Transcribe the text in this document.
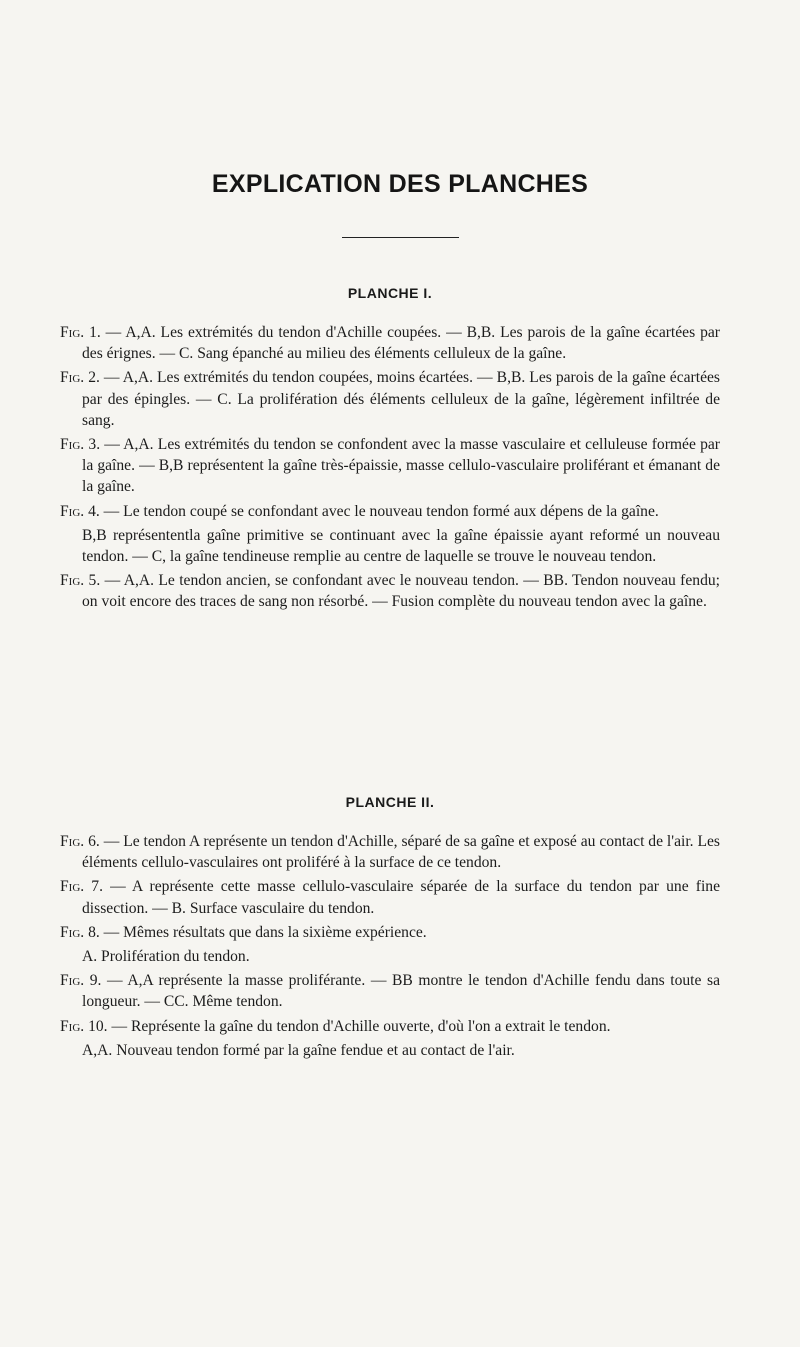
EXPLICATION DES PLANCHES
PLANCHE I.

Fig. 1. — A,A. Les extrémités du tendon d'Achille coupées. — B,B. Les parois de la gaîne écartées par des érignes. — C. Sang épanché au milieu des éléments celluleux de la gaîne.

Fig. 2. — A,A. Les extrémités du tendon coupées, moins écartées. — B,B. Les parois de la gaîne écartées par des épingles. — C. La prolifération dés éléments celluleux de la gaîne, légèrement infiltrée de sang.

Fig. 3. — A,A. Les extrémités du tendon se confondent avec la masse vasculaire et celluleuse formée par la gaîne. — B,B représentent la gaîne très-épaissie, masse cellulo-vasculaire proliférant et émanant de la gaîne.

Fig. 4. — Le tendon coupé se confondant avec le nouveau tendon formé aux dépens de la gaîne.

B,B représententla gaîne primitive se continuant avec la gaîne épaissie ayant reformé un nouveau tendon. — C, la gaîne tendineuse remplie au centre de laquelle se trouve le nouveau tendon.

Fig. 5. — A,A. Le tendon ancien, se confondant avec le nouveau tendon. — BB. Tendon nouveau fendu; on voit encore des traces de sang non résorbé. — Fusion complète du nouveau tendon avec la gaîne.

PLANCHE II.

Fig. 6. — Le tendon A représente un tendon d'Achille, séparé de sa gaîne et exposé au contact de l'air. Les éléments cellulo-vasculaires ont proliféré à la surface de ce tendon.

Fig. 7. — A représente cette masse cellulo-vasculaire séparée de la surface du tendon par une fine dissection. — B. Surface vasculaire du tendon.

Fig. 8. — Mêmes résultats que dans la sixième expérience.

A. Prolifération du tendon.

Fig. 9. — A,A représente la masse proliférante. — BB montre le tendon d'Achille fendu dans toute sa longueur. — CC. Même tendon.

Fig. 10. — Représente la gaîne du tendon d'Achille ouverte, d'où l'on a extrait le tendon.

A,A. Nouveau tendon formé par la gaîne fendue et au contact de l'air.
